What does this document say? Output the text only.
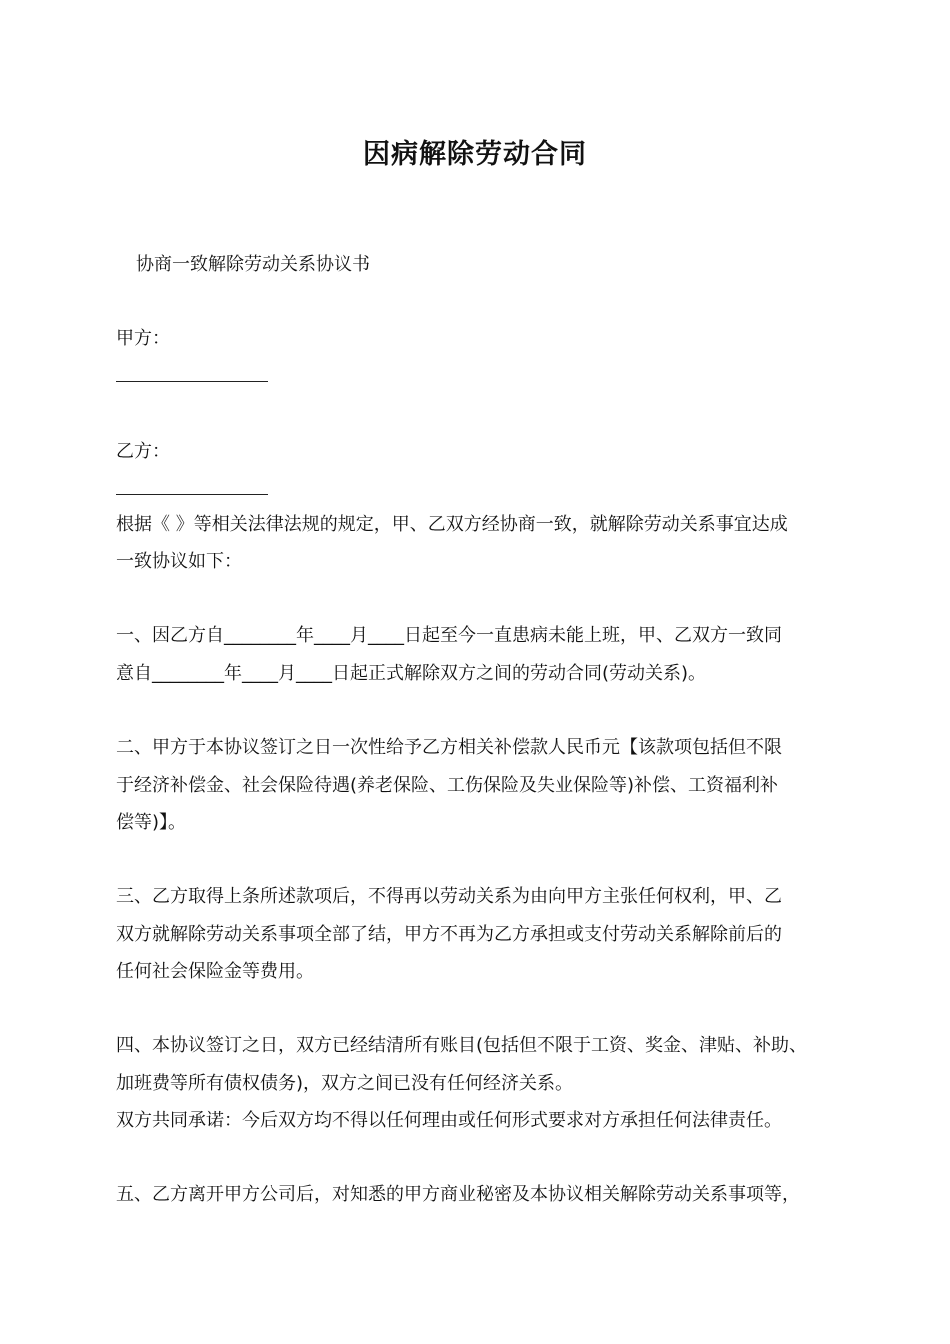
因病解除劳动合同
协商一致解除劳动关系协议书
甲方：
乙方：
根据《 》等相关法律法规的规定，甲、乙双方经协商一致，就解除劳动关系事宜达成
一致协议如下：
一、因乙方自________年____月____日起至今一直患病未能上班，甲、乙双方一致同
意自________年____月____日起正式解除双方之间的劳动合同(劳动关系)。
二、甲方于本协议签订之日一次性给予乙方相关补偿款人民币元【该款项包括但不限
于经济补偿金、社会保险待遇(养老保险、工伤保险及失业保险等)补偿、工资福利补
偿等)】。
三、乙方取得上条所述款项后，不得再以劳动关系为由向甲方主张任何权利，甲、乙
双方就解除劳动关系事项全部了结，甲方不再为乙方承担或支付劳动关系解除前后的
任何社会保险金等费用。
四、本协议签订之日，双方已经结清所有账目(包括但不限于工资、奖金、津贴、补助、
加班费等所有债权债务)，双方之间已没有任何经济关系。
双方共同承诺：今后双方均不得以任何理由或任何形式要求对方承担任何法律责任。
五、乙方离开甲方公司后，对知悉的甲方商业秘密及本协议相关解除劳动关系事项等，
